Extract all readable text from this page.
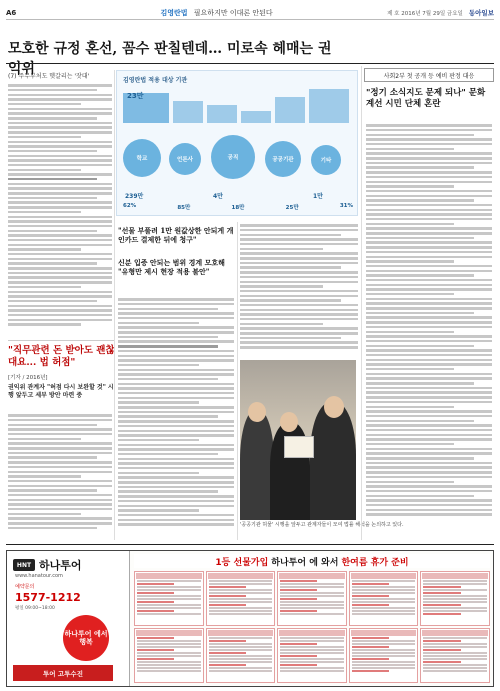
A6	김영란법 필요하지만 이대론 안된다	제 호 2016년 7월 29일 금요일 동아일보
모호한 규정 혼선, 꼼수 판칠텐데… 미로속 헤매는 권익위
(7) 주무부처도 헷갈리는 '잣대'
김영란법 적용 대상 기관
23만
학교	언론사	공직	공공기관	기타
62%	85만	18만	25만	31%
239만	4만	1만
"선물 부풀려 1만 원값상한 안되게 개인카드 결제한 뒤에 청구"
신분 입증 안되는 범위 경계 모호해 "유형만 제시 현장 적용 불안"
사회2부 첫 공개 등 예비 판정 대응
"정기 소식지도 문제 되나" 문화계선 시민 단체 혼란
"직무관련 돈 받아도 괜찮대요... 법 허점"
[기자 / 2016년]
권익위 관계자 "허점 다시 보완할 것" 시행 앞두고 세부 방안 마련 중
'공공기관 허물' 시행을 앞두고 관계자들이 모여 법률 해석을 논의하고 있다.
HNT 하나투어
www.hanatour.com
예약문의
1577-1212
평일 09:00~18:00
하나투어 에서 행복
투어 고투수진
1등 선물가입 하나투어 에 와서 한여름 휴가 준비
